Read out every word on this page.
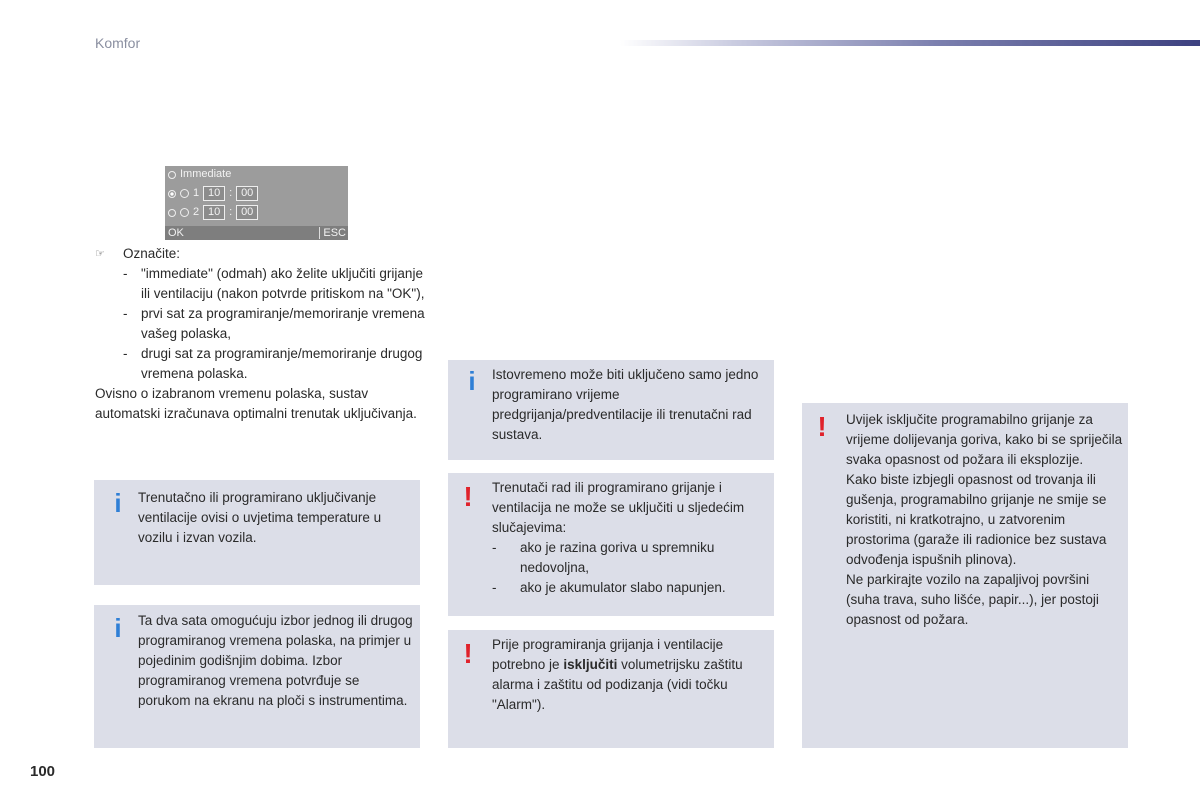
Komfor
Immediate
1 10 : 00
2 10 : 00
OK	ESC
☞	Označite:
- "immediate" (odmah) ako želite uključiti grijanje ili ventilaciju (nakon potvrde pritiskom na "OK"),
- prvi sat za programiranje/memoriranje vremena vašeg polaska,
- drugi sat za programiranje/memoriranje drugog vremena polaska.
Ovisno o izabranom vremenu polaska, sustav automatski izračunava optimalni trenutak uključivanja.
i	Trenutačno ili programirano uključivanje ventilacije ovisi o uvjetima temperature u vozilu i izvan vozila.
i	Ta dva sata omogućuju izbor jednog ili drugog programiranog vremena polaska, na primjer u pojedinim godišnjim dobima. Izbor programiranog vremena potvrđuje se porukom na ekranu na ploči s instrumentima.
i	Istovremeno može biti uključeno samo jedno programirano vrijeme predgrijanja/predventilacije ili trenutačni rad sustava.
!	Trenutači rad ili programirano grijanje i ventilacija ne može se uključiti u sljedećim slučajevima:
- ako je razina goriva u spremniku nedovoljna,
- ako je akumulator slabo napunjen.
!	Prije programiranja grijanja i ventilacije potrebno je isključiti volumetrijsku zaštitu alarma i zaštitu od podizanja (vidi točku "Alarm").
!	Uvijek isključite programabilno grijanje za vrijeme dolijevanja goriva, kako bi se spriječila svaka opasnost od požara ili eksplozije.
Kako biste izbjegli opasnost od trovanja ili gušenja, programabilno grijanje ne smije se koristiti, ni kratkotrajno, u zatvorenim prostorima (garaže ili radionice bez sustava odvođenja ispušnih plinova).
Ne parkirajte vozilo na zapaljivoj površini (suha trava, suho lišće, papir...), jer postoji opasnost od požara.
100
